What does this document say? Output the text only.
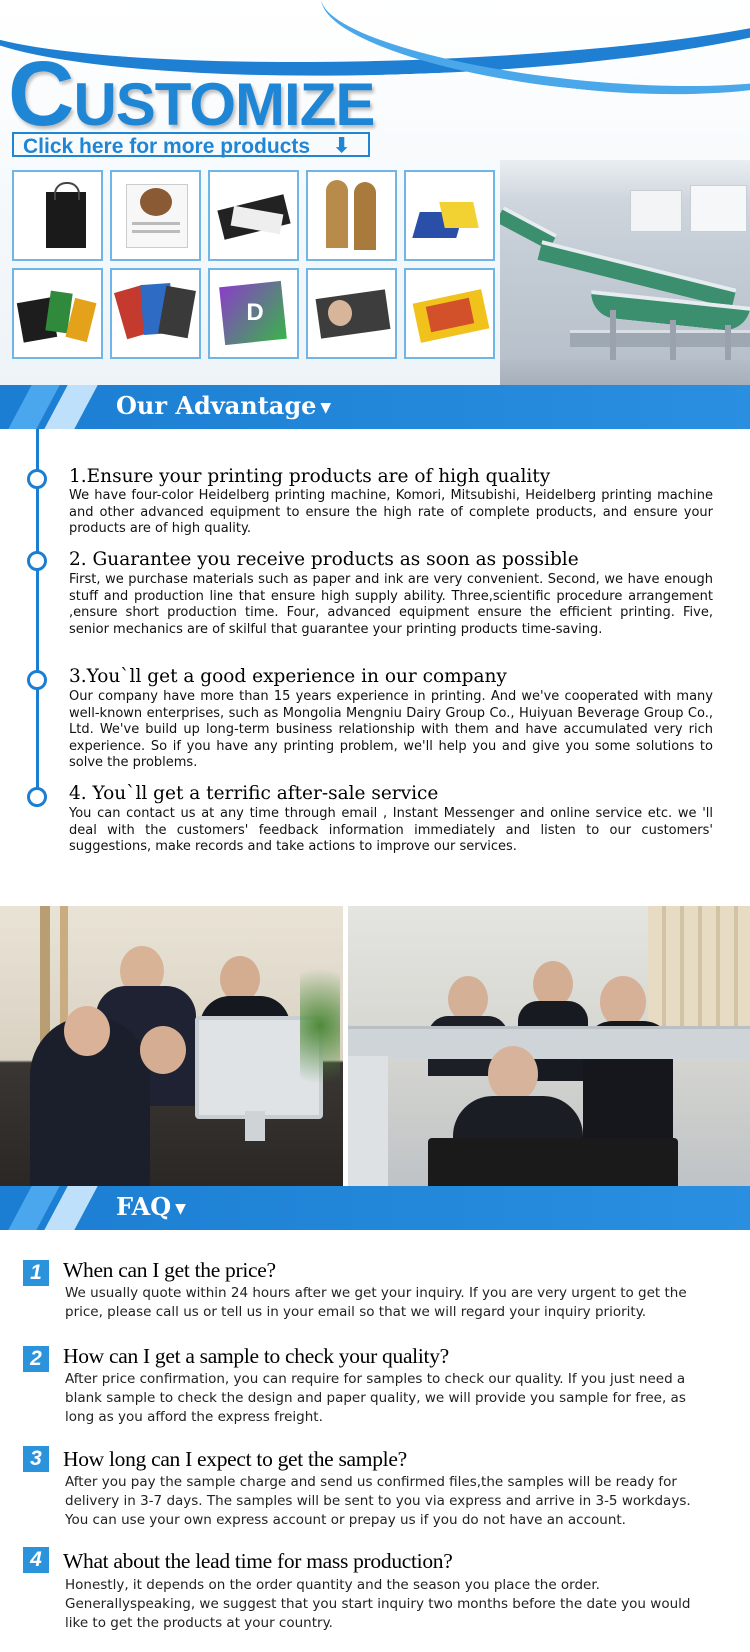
CUSTOMIZE
Click here for more products ⬇
D
Our Advantage ▼
1.Ensure your printing products are of high quality
We have four-color Heidelberg printing machine, Komori, Mitsubishi, Heidelberg printing machine and other advanced equipment to ensure the high rate of complete products, and ensure your products are of high quality.
2. Guarantee you receive products as soon as possible
First, we purchase materials such as paper and ink are very convenient. Second, we have enough stuff and production line that ensure high supply ability. Three,scientific procedure arrangement ,ensure short production time. Four, advanced equipment ensure the efficient printing. Five, senior mechanics are of skilful that guarantee your printing products time-saving.
3.You`ll get a good experience in our company
Our company have more than 15 years experience in printing. And we've cooperated with many well-known enterprises, such as Mongolia Mengniu Dairy Group Co., Huiyuan Beverage Group Co., Ltd. We've build up long-term business relationship with them and have accumulated very rich experience. So if you have any printing problem, we'll help you and give you some solutions to solve the problems.
4. You`ll get a terrific after-sale service
You can contact us at any time through email , Instant Messenger and online service etc. we 'll deal with the customers' feedback information immediately and listen to our customers' suggestions, make records and take actions to improve our services.
FAQ ▼
1 When can I get the price?
We usually quote within 24 hours after we get your inquiry. If you are very urgent to get the price, please call us or tell us in your email so that we will regard your inquiry priority.
2 How can I get a sample to check your quality?
After price confirmation, you can require for samples to check our quality. If you just need a blank sample to check the design and paper quality, we will provide you sample for free, as long as you afford the express freight.
3 How long can I expect to get the sample?
After you pay the sample charge and send us confirmed files,the samples will be ready for delivery in 3-7 days. The samples will be sent to you via express and arrive in 3-5 workdays. You can use your own express account or prepay us if you do not have an account.
4 What about the lead time for mass production?
Honestly, it depends on the order quantity and the season you place the order. Generallyspeaking, we suggest that you start inquiry two months before the date you would like to get the products at your country.
